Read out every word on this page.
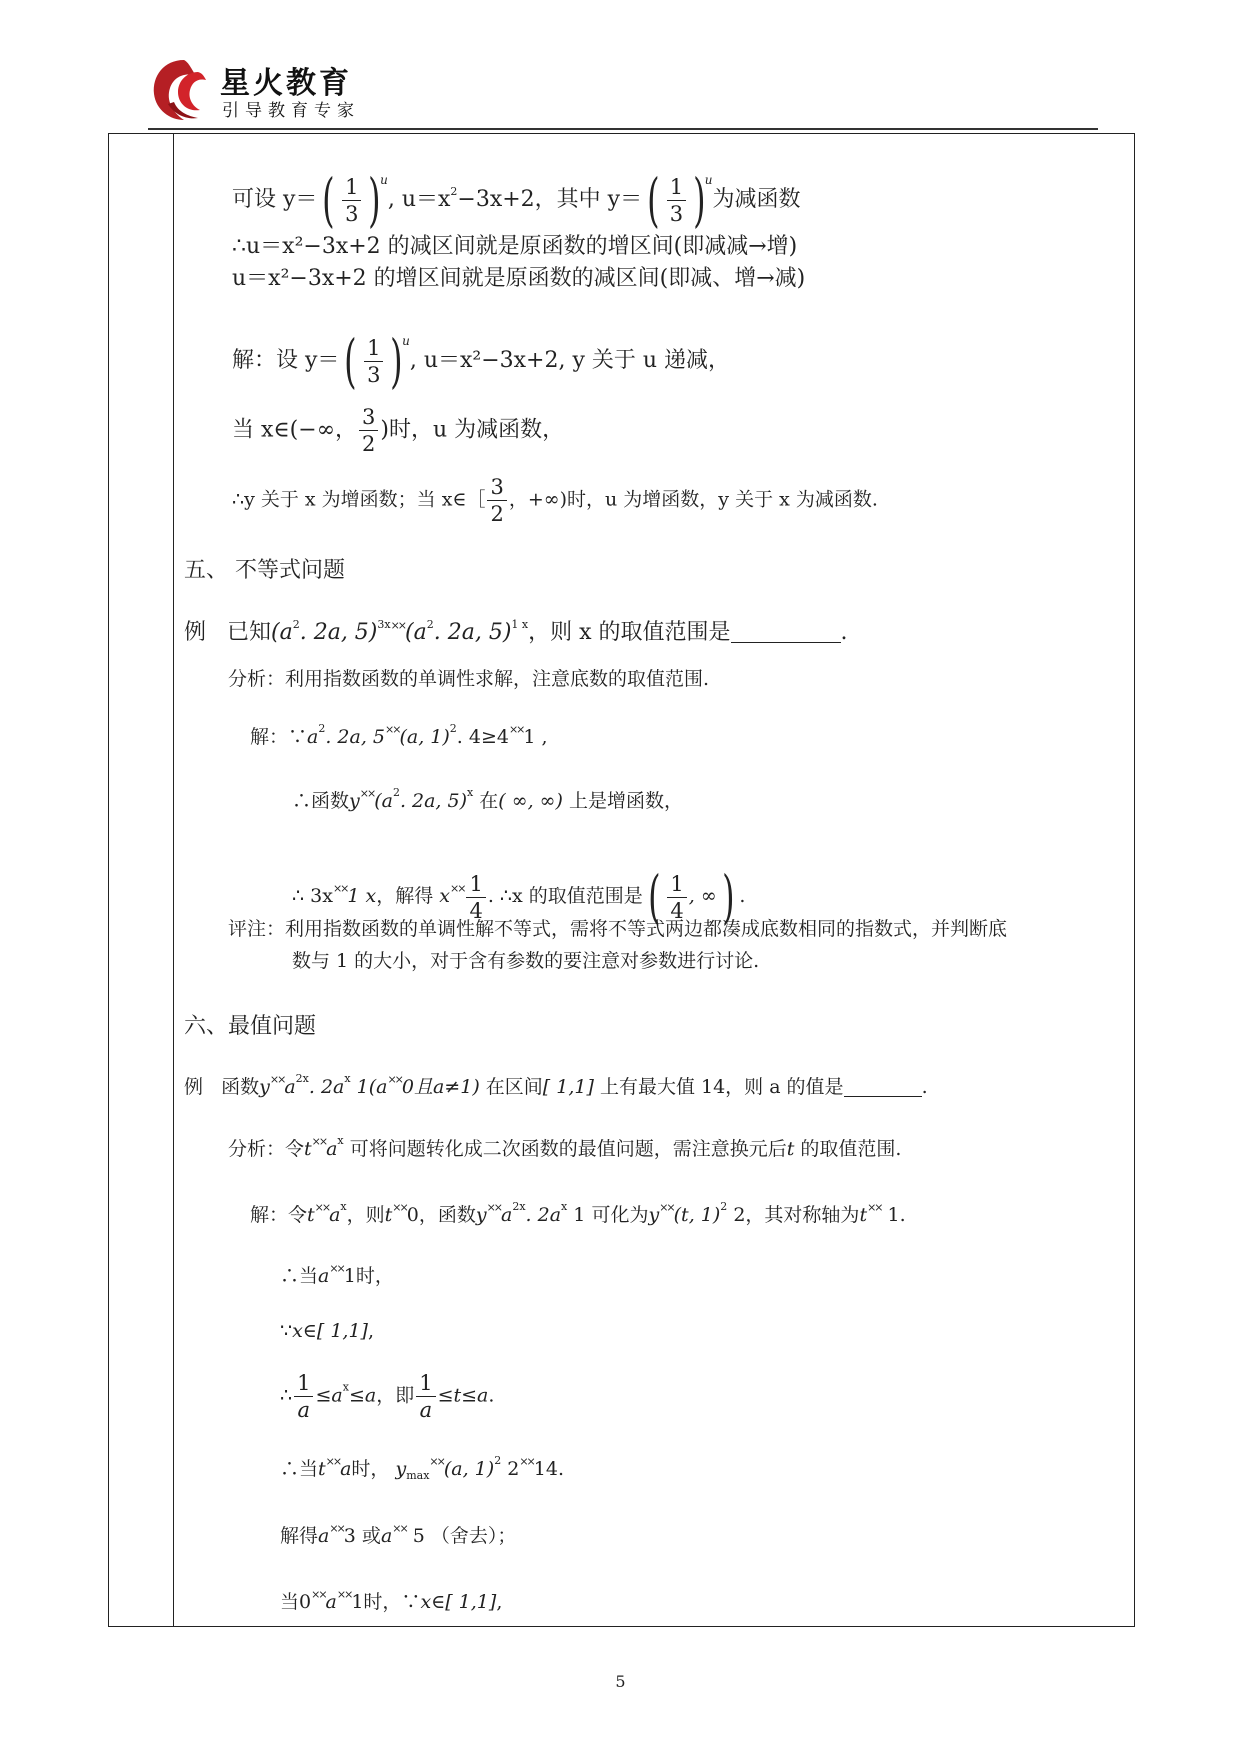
星火教育
引导教育专家
可设 $y=( \frac{1}{3} )u$, $u=x^2-3x+2$，其中 $y=( \frac{1}{3} )u$为减函数
∴u＝x²−3x+2 的减区间就是原函数的增区间(即减减→增)
u＝x²−3x+2 的增区间就是原函数的减区间(即减、增→减)
解：设 $y=( \frac{1}{3} )u$, u＝x²−3x+2, y 关于 u 递减，
当 x∈(−∞， $\frac{3}{2}$ )时，u 为减函数，
∴y 关于 x 为增函数；当 x∈［ $\frac{3}{2}$ ，+∞)时，u 为增函数，y 关于 x 为减函数.
五、 不等式问题
例 已知($a^2$. 2a, $5)^{3x\times\times}(a^2$. 2a, 5)$^{1 x}$，则 x 的取值范围是	.
分析：利用指数函数的单调性求解，注意底数的取值范围.
解：$\because a^2$. 2a, 5××(a, 1)$^2$. 4≥4××1 ,
∴函数$y^{\times\times}(a^2$. 2a, 5)$^x$ 在( ∞, ∞) 上是增函数，
∴ 3x××1 x，解得 $x^{\times\times} \frac{1}{4}$ . ∴x 的取值范围是( $\frac{1}{4}$ , ∞) .
评注：利用指数函数的单调性解不等式，需将不等式两边都凑成底数相同的指数式，并判断底
数与 1 的大小，对于含有参数的要注意对参数进行讨论.
六、最值问题
例 函数$y^{\times\times}a^{2x}$. $2a^x$ 1(a××0且a≠1) 在区间[ 1,1] 上有最大值 14，则 a 的值是	.
分析：令$t^{\times\times}a^x$ 可将问题转化成二次函数的最值问题，需注意换元后t 的取值范围.
解：令$t^{\times\times}a^x$，则t××0，函数$y^{\times\times}a^{2x}$. $2a^x$ 1 可化为y××(t, 1)$^2$ 2，其对称轴为t×× 1.
∴当a××1时，
∵x∈[ 1,1],
∴ $\frac{1}{a} \le a^x\le a$，即 $\frac{1}{a} \le t\le a$.
∴当t××a时， $y_{max}^{\times\times}(a$, 1)$^2$ 2××14.
解得a××3 或a×× 5 （舍去）；
当0××a××1时，∵x∈[ 1,1],
5
